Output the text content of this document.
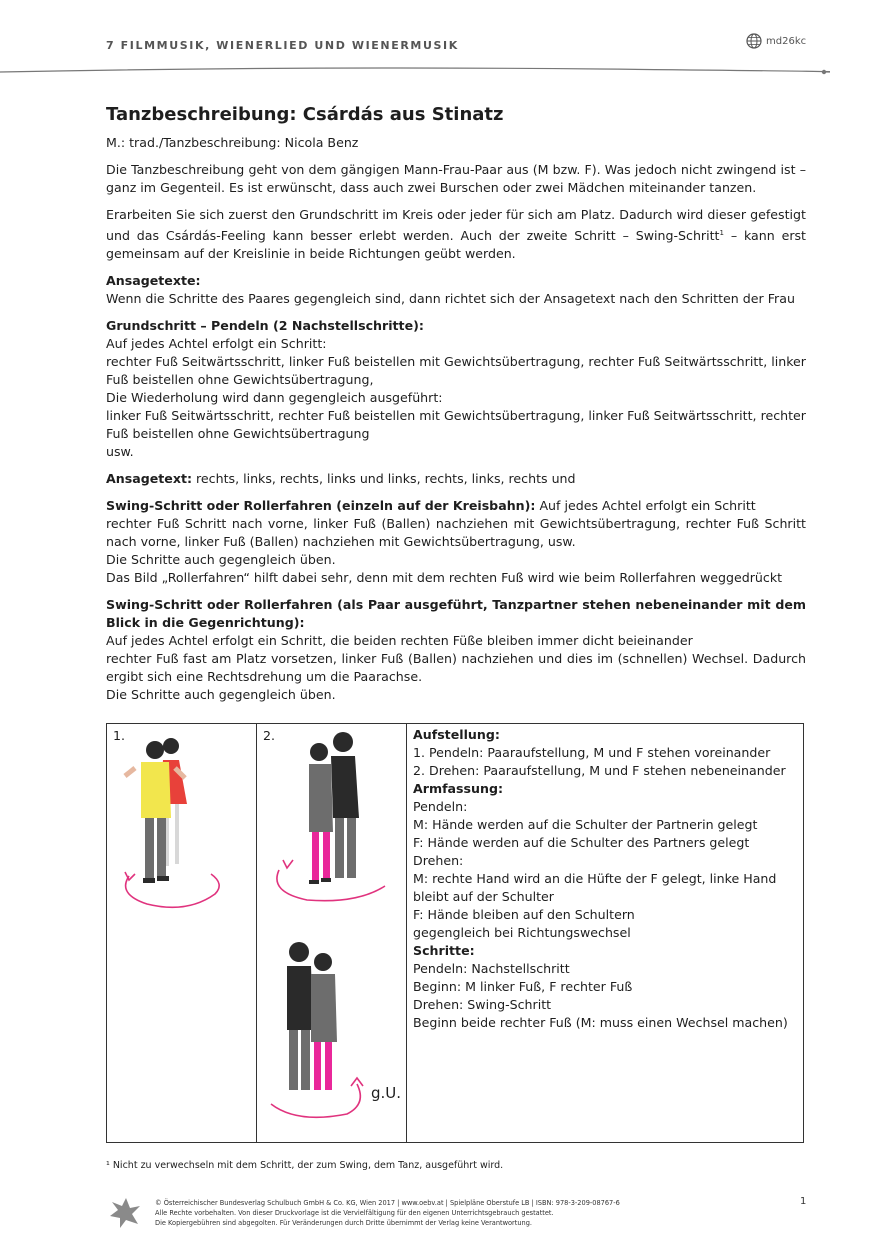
7 FILMMUSIK, WIENERLIED UND WIENERMUSIK	md26kc
Tanzbeschreibung: Csárdás aus Stinatz

M.: trad./Tanzbeschreibung: Nicola Benz

Die Tanzbeschreibung geht von dem gängigen Mann-Frau-Paar aus (M bzw. F). Was jedoch nicht zwingend ist – ganz im Gegenteil. Es ist erwünscht, dass auch zwei Burschen oder zwei Mädchen miteinander tanzen.

Erarbeiten Sie sich zuerst den Grundschritt im Kreis oder jeder für sich am Platz. Dadurch wird dieser gefestigt und das Csárdás-Feeling kann besser erlebt werden. Auch der zweite Schritt – Swing-Schritt$^1$ – kann erst gemeinsam auf der Kreislinie in beide Richtungen geübt werden.

Ansagetexte:
Wenn die Schritte des Paares gegengleich sind, dann richtet sich der Ansagetext nach den Schritten der Frau

Grundschritt – Pendeln (2 Nachstellschritte):
Auf jedes Achtel erfolgt ein Schritt:
rechter Fuß Seitwärtsschritt, linker Fuß beistellen mit Gewichtsübertragung, rechter Fuß Seitwärtsschritt, linker Fuß beistellen ohne Gewichtsübertragung,
Die Wiederholung wird dann gegengleich ausgeführt:
linker Fuß Seitwärtsschritt, rechter Fuß beistellen mit Gewichtsübertragung, linker Fuß Seitwärtsschritt, rechter Fuß beistellen ohne Gewichtsübertragung
usw.

Ansagetext: rechts, links, rechts, links und links, rechts, links, rechts und

Swing-Schritt oder Rollerfahren (einzeln auf der Kreisbahn): Auf jedes Achtel erfolgt ein Schritt
rechter Fuß Schritt nach vorne, linker Fuß (Ballen) nachziehen mit Gewichtsübertragung, rechter Fuß Schritt nach vorne, linker Fuß (Ballen) nachziehen mit Gewichtsübertragung, usw.
Die Schritte auch gegengleich üben.
Das Bild „Rollerfahren“ hilft dabei sehr, denn mit dem rechten Fuß wird wie beim Rollerfahren weggedrückt

Swing-Schritt oder Rollerfahren (als Paar ausgeführt, Tanzpartner stehen nebeneinander mit dem Blick in die Gegenrichtung):
Auf jedes Achtel erfolgt ein Schritt, die beiden rechten Füße bleiben immer dicht beieinander
rechter Fuß fast am Platz vorsetzen, linker Fuß (Ballen) nachziehen und dies im (schnellen) Wechsel. Dadurch ergibt sich eine Rechtsdrehung um die Paarachse.
Die Schritte auch gegengleich üben.

1.	2.
g.U.

Aufstellung:
1. Pendeln: Paaraufstellung, M und F stehen voreinander
2. Drehen: Paaraufstellung, M und F stehen nebeneinander
Armfassung:
Pendeln:
M: Hände werden auf die Schulter der Partnerin gelegt
F: Hände werden auf die Schulter des Partners gelegt
Drehen:
M: rechte Hand wird an die Hüfte der F gelegt, linke Hand bleibt auf der Schulter
F: Hände bleiben auf den Schultern
gegengleich bei Richtungswechsel
Schritte:
Pendeln: Nachstellschritt
Beginn: M linker Fuß, F rechter Fuß
Drehen: Swing-Schritt
Beginn beide rechter Fuß (M: muss einen Wechsel machen)
¹ Nicht zu verwechseln mit dem Schritt, der zum Swing, dem Tanz, ausgeführt wird.
© Österreichischer Bundesverlag Schulbuch GmbH & Co. KG, Wien 2017 | www.oebv.at | Spielpläne Oberstufe LB | ISBN: 978-3-209-08767-6
Alle Rechte vorbehalten. Von dieser Druckvorlage ist die Vervielfältigung für den eigenen Unterrichtsgebrauch gestattet.
Die Kopiergebühren sind abgegolten. Für Veränderungen durch Dritte übernimmt der Verlag keine Verantwortung.
1
